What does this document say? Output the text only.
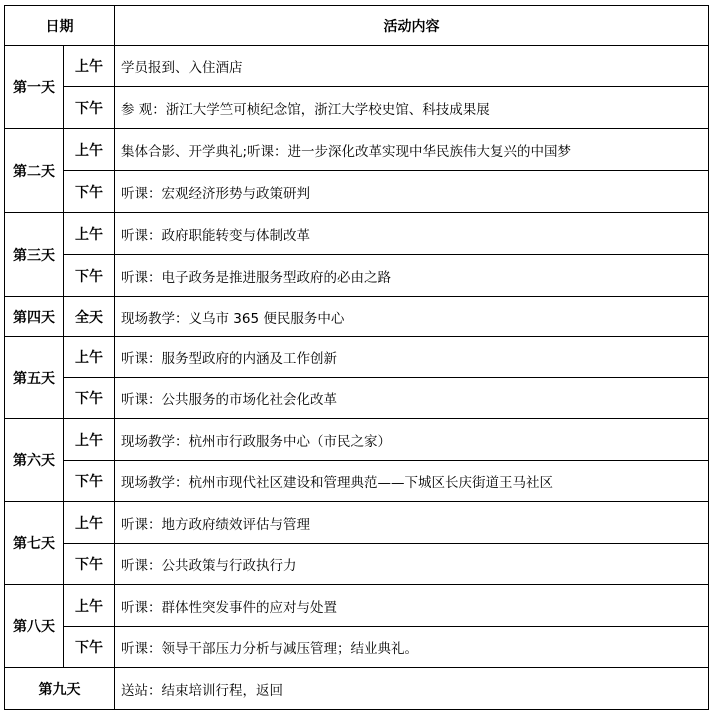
日期		活动内容
第一天	上午	学员报到、入住酒店
	下午	参 观：浙江大学竺可桢纪念馆，浙江大学校史馆、科技成果展
第二天	上午	集体合影、开学典礼;听课：进一步深化改革实现中华民族伟大复兴的中国梦
	下午	听课：宏观经济形势与政策研判
第三天	上午	听课：政府职能转变与体制改革
	下午	听课：电子政务是推进服务型政府的必由之路
第四天	全天	现场教学：义乌市 365 便民服务中心
第五天	上午	听课：服务型政府的内涵及工作创新
	下午	听课：公共服务的市场化社会化改革
第六天	上午	现场教学：杭州市行政服务中心（市民之家）
	下午	现场教学：杭州市现代社区建设和管理典范——下城区长庆街道王马社区
第七天	上午	听课：地方政府绩效评估与管理
	下午	听课：公共政策与行政执行力
第八天	上午	听课：群体性突发事件的应对与处置
	下午	听课：领导干部压力分析与减压管理；结业典礼。
第九天		送站：结束培训行程，返回
